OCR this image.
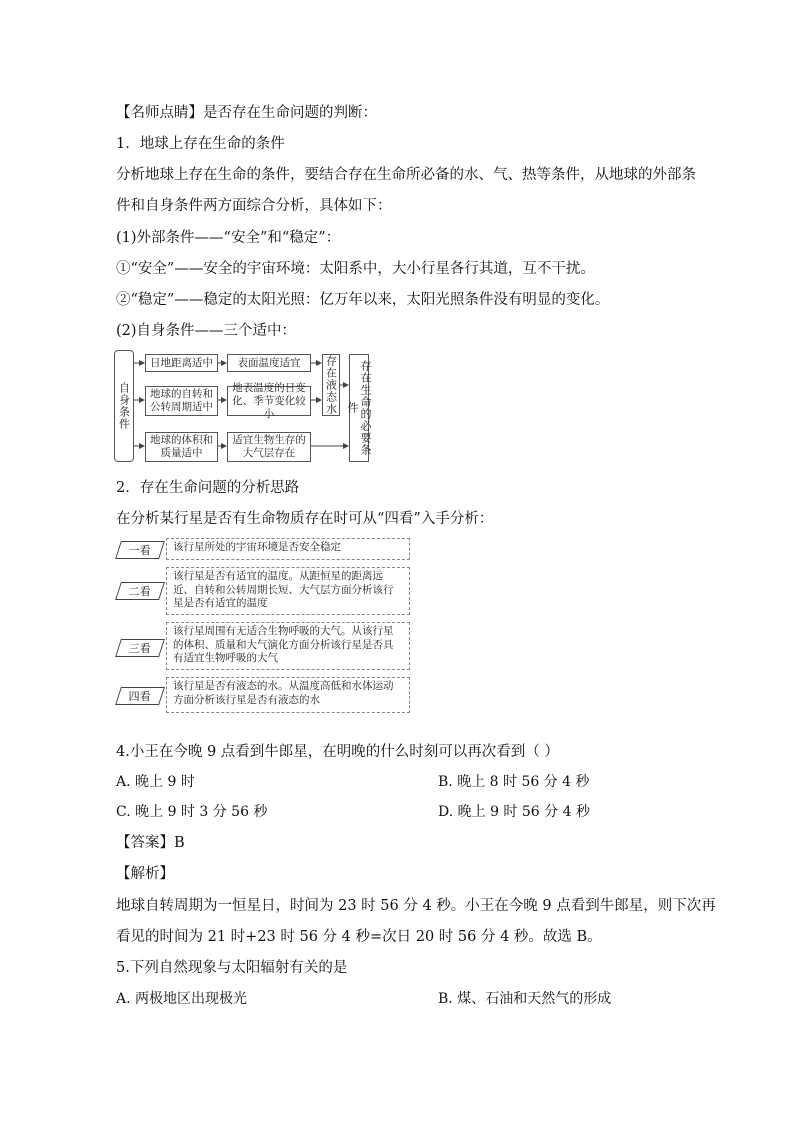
【名师点睛】是否存在生命问题的判断：
1．地球上存在生命的条件
分析地球上存在生命的条件，要结合存在生命所必备的水、气、热等条件，从地球的外部条
件和自身条件两方面综合分析，具体如下：
(1)外部条件——“安全”和“稳定”：
①“安全”——安全的宇宙环境：太阳系中，大小行星各行其道，互不干扰。
②“稳定”——稳定的太阳光照：亿万年以来，太阳光照条件没有明显的变化。
(2)自身条件——三个适中：
自身条件
日地距离适中
地球的自转和公转周期适中
地球的体积和质量适中
表面温度适宜
地表温度的日变化、季节变化较小
适宜生物生存的大气层存在
存在液态水	存在生命的必要条件
2．存在生命问题的分析思路
在分析某行星是否有生命物质存在时可从“四看”入手分析：
一看	该行星所处的宇宙环境是否安全稳定
二看
该行星是否有适宜的温度。从距恒星的距离远近、自转和公转周期长短、大气层方面分析该行星是否有适宜的温度
三看
该行星周围有无适合生物呼吸的大气。从该行星的体积、质量和大气演化方面分析该行星是否具有适宜生物呼吸的大气
四看
该行星是否有液态的水。从温度高低和水体运动方面分析该行星是否有液态的水
4.小王在今晚 9 点看到牛郎星，在明晚的什么时刻可以再次看到（ ）
A. 晚上 9 时	B. 晚上 8 时 56 分 4 秒
C. 晚上 9 时 3 分 56 秒	D. 晚上 9 时 56 分 4 秒
【答案】B
【解析】
地球自转周期为一恒星日，时间为 23 时 56 分 4 秒。小王在今晚 9 点看到牛郎星，则下次再
看见的时间为 21 时+23 时 56 分 4 秒=次日 20 时 56 分 4 秒。故选 B。
5.下列自然现象与太阳辐射有关的是
A. 两极地区出现极光	B. 煤、石油和天然气的形成
